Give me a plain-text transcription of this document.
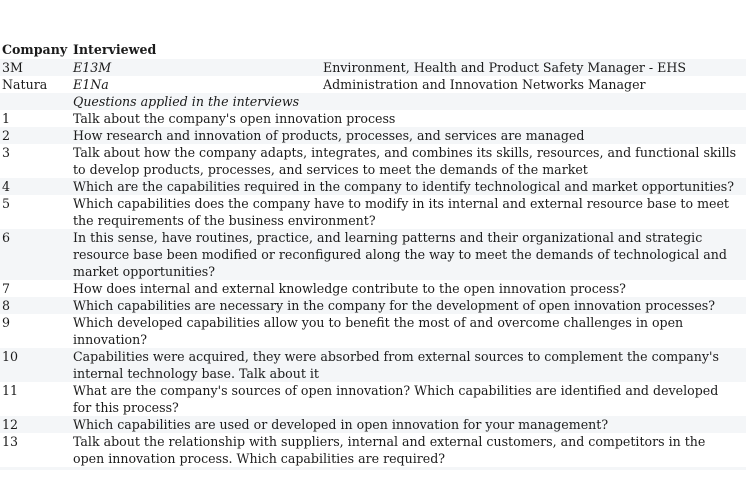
Company Interviewed
3M	E13M	Environment, Health and Product Safety Manager - EHS
Natura	E1Na	Administration and Innovation Networks Manager
Questions applied in the interviews
1	Talk about the company's open innovation process
2	How research and innovation of products, processes, and services are managed
3	Talk about how the company adapts, integrates, and combines its skills, resources, and functional skills to develop products, processes, and services to meet the demands of the market
4	Which are the capabilities required in the company to identify technological and market opportunities?
5	Which capabilities does the company have to modify in its internal and external resource base to meet the requirements of the business environment?
6	In this sense, have routines, practice, and learning patterns and their organizational and strategic resource base been modified or reconfigured along the way to meet the demands of technological and market opportunities?
7	How does internal and external knowledge contribute to the open innovation process?
8	Which capabilities are necessary in the company for the development of open innovation processes?
9	Which developed capabilities allow you to benefit the most of and overcome challenges in open innovation?
10	Capabilities were acquired, they were absorbed from external sources to complement the company's internal technology base. Talk about it
11	What are the company's sources of open innovation? Which capabilities are identified and developed for this process?
12	Which capabilities are used or developed in open innovation for your management?
13	Talk about the relationship with suppliers, internal and external customers, and competitors in the open innovation process. Which capabilities are required?
